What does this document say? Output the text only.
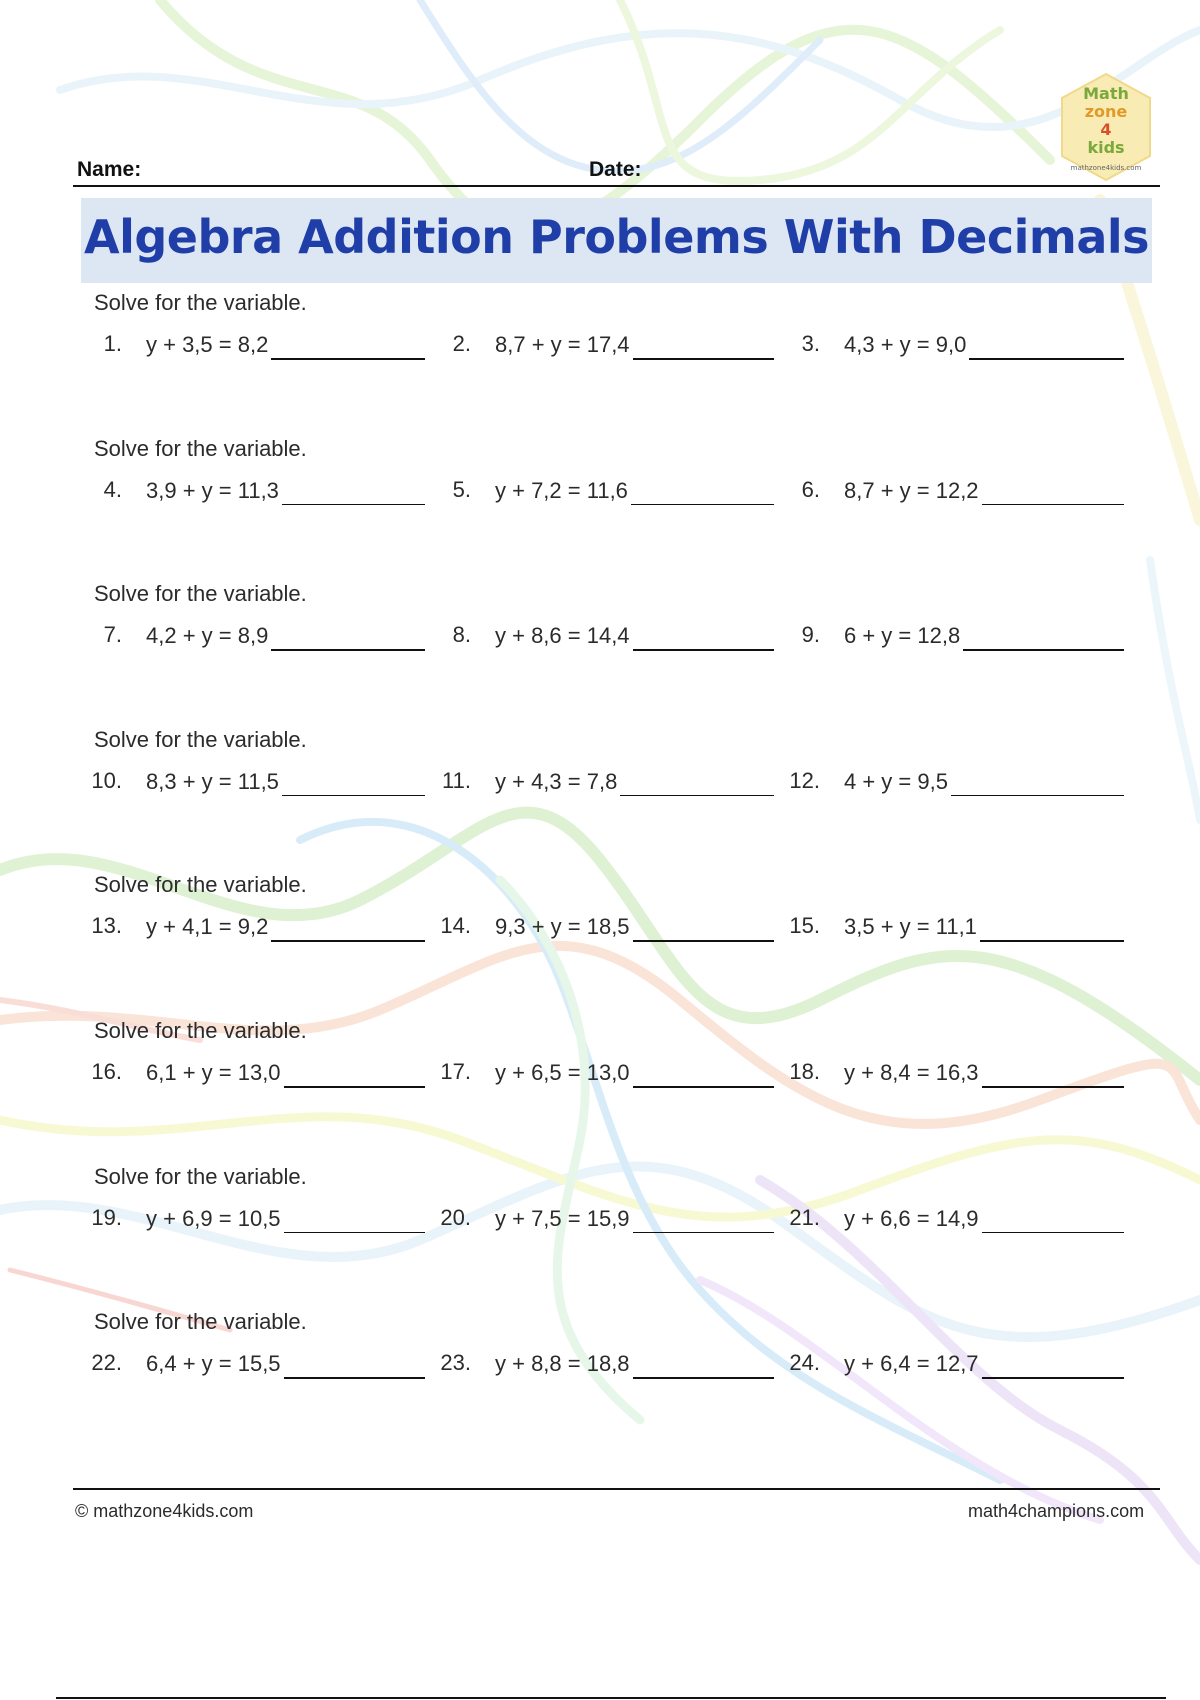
Math
zone
4
kids
mathzone4kids.com
Name:	Date:
Algebra Addition Problems With Decimals
Solve for the variable.
1. y + 3,5 = 8,2	2. 8,7 + y = 17,4	3. 4,3 + y = 9,0
Solve for the variable.
4. 3,9 + y = 11,3	5. y + 7,2 = 11,6	6. 8,7 + y = 12,2
Solve for the variable.
7. 4,2 + y = 8,9	8. y + 8,6 = 14,4	9. 6 + y = 12,8
Solve for the variable.
10. 8,3 + y = 11,5	11. y + 4,3 = 7,8	12. 4 + y = 9,5
Solve for the variable.
13. y + 4,1 = 9,2	14. 9,3 + y = 18,5	15. 3,5 + y = 11,1
Solve for the variable.
16. 6,1 + y = 13,0	17. y + 6,5 = 13,0	18. y + 8,4 = 16,3
Solve for the variable.
19. y + 6,9 = 10,5	20. y + 7,5 = 15,9	21. y + 6,6 = 14,9
Solve for the variable.
22. 6,4 + y = 15,5	23. y + 8,8 = 18,8	24. y + 6,4 = 12,7
© mathzone4kids.com	math4champions.com
